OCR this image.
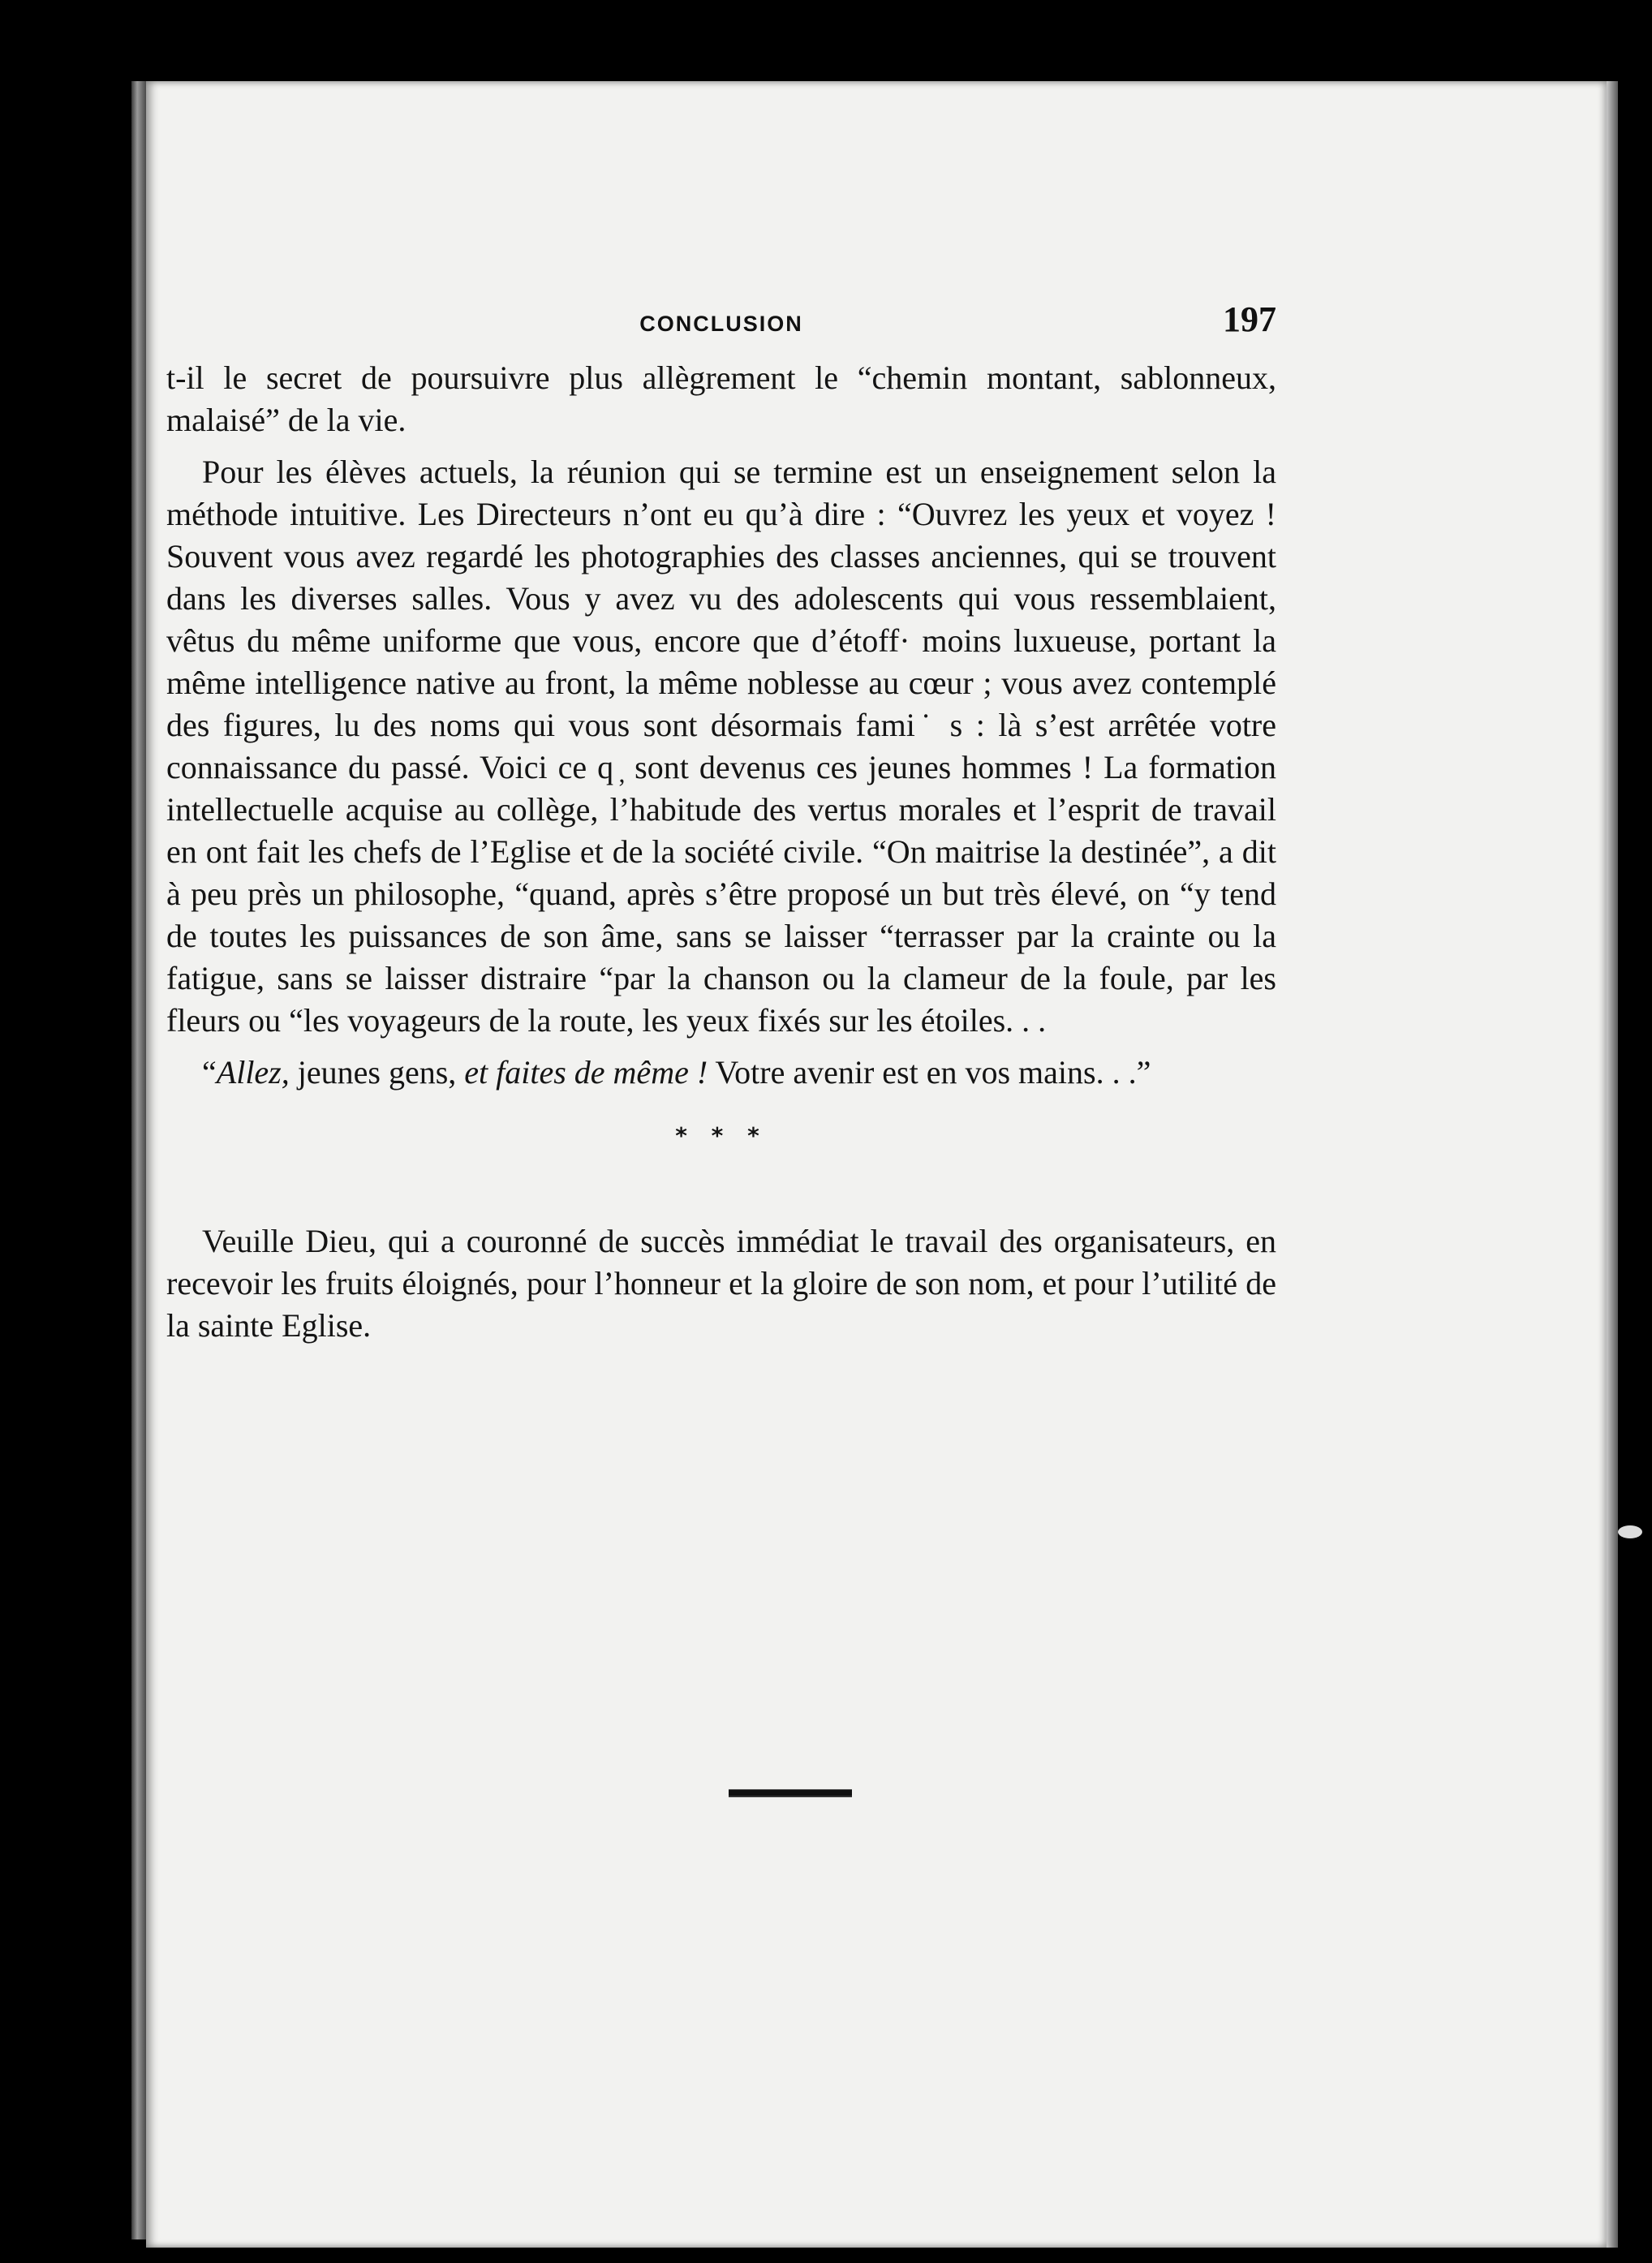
CONCLUSION	197

t-il le secret de poursuivre plus allègrement le “chemin montant, sablonneux, malaisé” de la vie.

Pour les élèves actuels, la réunion qui se termine est un enseignement selon la méthode intuitive. Les Directeurs n’ont eu qu’à dire : “Ouvrez les yeux et voyez ! Souvent vous avez regardé les photographies des classes anciennes, qui se trouvent dans les diverses salles. Vous y avez vu des adolescents qui vous ressemblaient, vêtus du même uniforme que vous, encore que d’étoff· moins luxueuse, portant la même intelligence native au front, la même noblesse au cœur ; vous avez contemplé des figures, lu des noms qui vous sont désormais fami˙ s : là s’est arrêtée votre connaissance du passé. Voici ce q ̦ sont devenus ces jeunes hommes ! La formation intellectuelle acquise au collège, l’habitude des vertus morales et l’esprit de travail en ont fait les chefs de l’Eglise et de la société civile. “On maitrise la destinée”, a dit à peu près un philosophe, “quand, après s’être proposé un but très élevé, on “y tend de toutes les puissances de son âme, sans se laisser “terrasser par la crainte ou la fatigue, sans se laisser distraire “par la chanson ou la clameur de la foule, par les fleurs ou “les voyageurs de la route, les yeux fixés sur les étoiles. . .

“Allez, jeunes gens, et faites de même ! Votre avenir est en vos mains. . .”

* * *

Veuille Dieu, qui a couronné de succès immédiat le travail des organisateurs, en recevoir les fruits éloignés, pour l’honneur et la gloire de son nom, et pour l’utilité de la sainte Eglise.
